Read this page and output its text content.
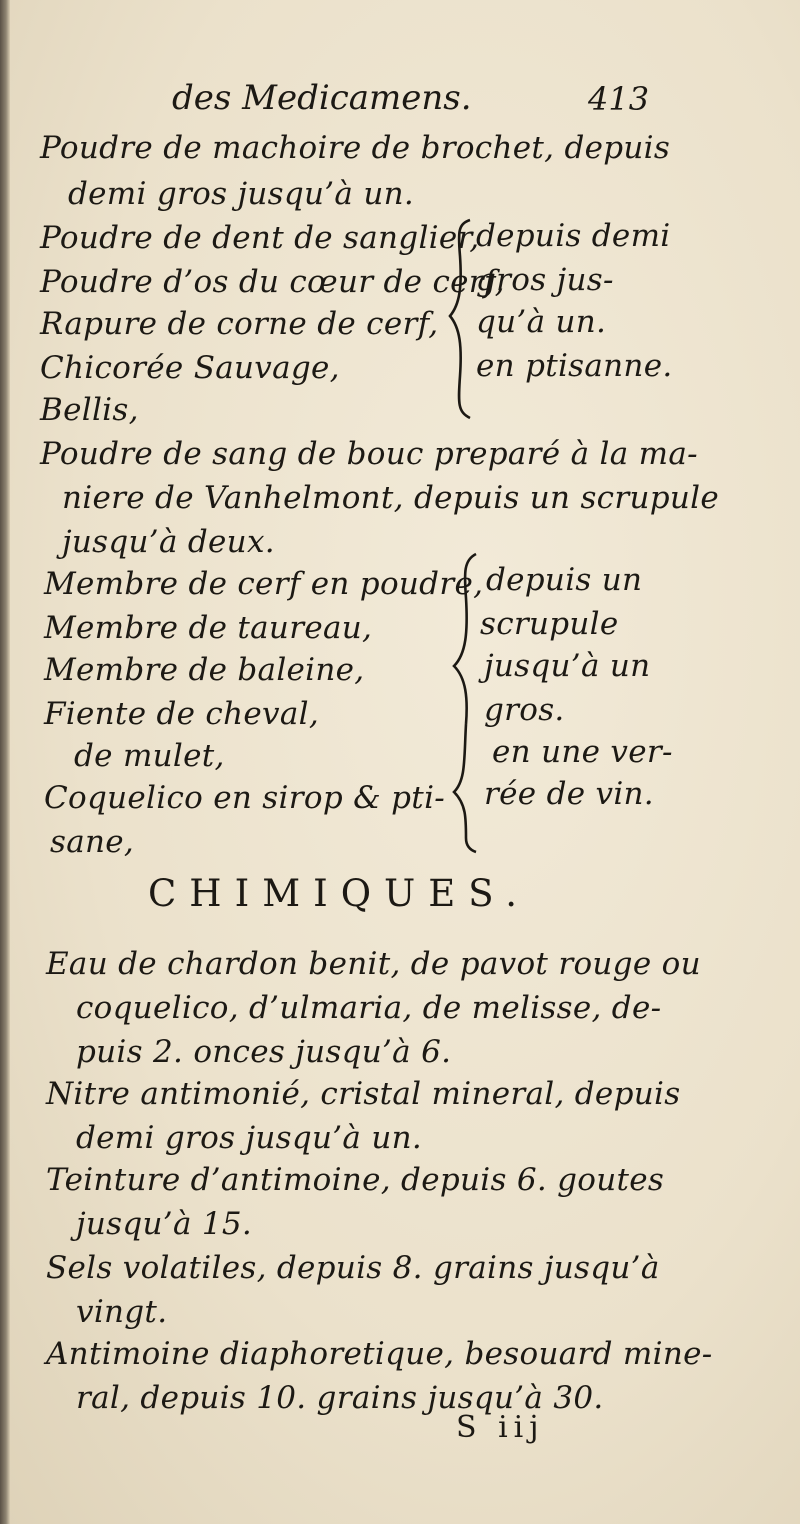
des Medicamens.	413
Poudre de machoire de brochet, depuis
demi gros jusqu’à un.
Poudre de dent de sanglier,
Poudre d’os du cœur de cerf,
Rapure de corne de cerf,
Chicorée Sauvage,
Bellis,
depuis demi
gros jus-
qu’à un.
en ptisanne.
Poudre de sang de bouc preparé à la ma-
niere de Vanhelmont, depuis un scrupule
jusqu’à deux.
Membre de cerf en poudre,
Membre de taureau,
Membre de baleine,
Fiente de cheval,
de mulet,
Coquelico en sirop & pti-
sane,
depuis un
scrupule
jusqu’à un
gros.
en une ver-
rée de vin.
CHIMIQUES.
Eau de chardon benit, de pavot rouge ou
coquelico, d’ulmaria, de melisse, de-
puis 2. onces jusqu’à 6.
Nitre antimonié, cristal mineral, depuis
demi gros jusqu’à un.
Teinture d’antimoine, depuis 6. goutes
jusqu’à 15.
Sels volatiles, depuis 8. grains jusqu’à
vingt.
Antimoine diaphoretique, besouard mine-
ral, depuis 10. grains jusqu’à 30.
S iij
